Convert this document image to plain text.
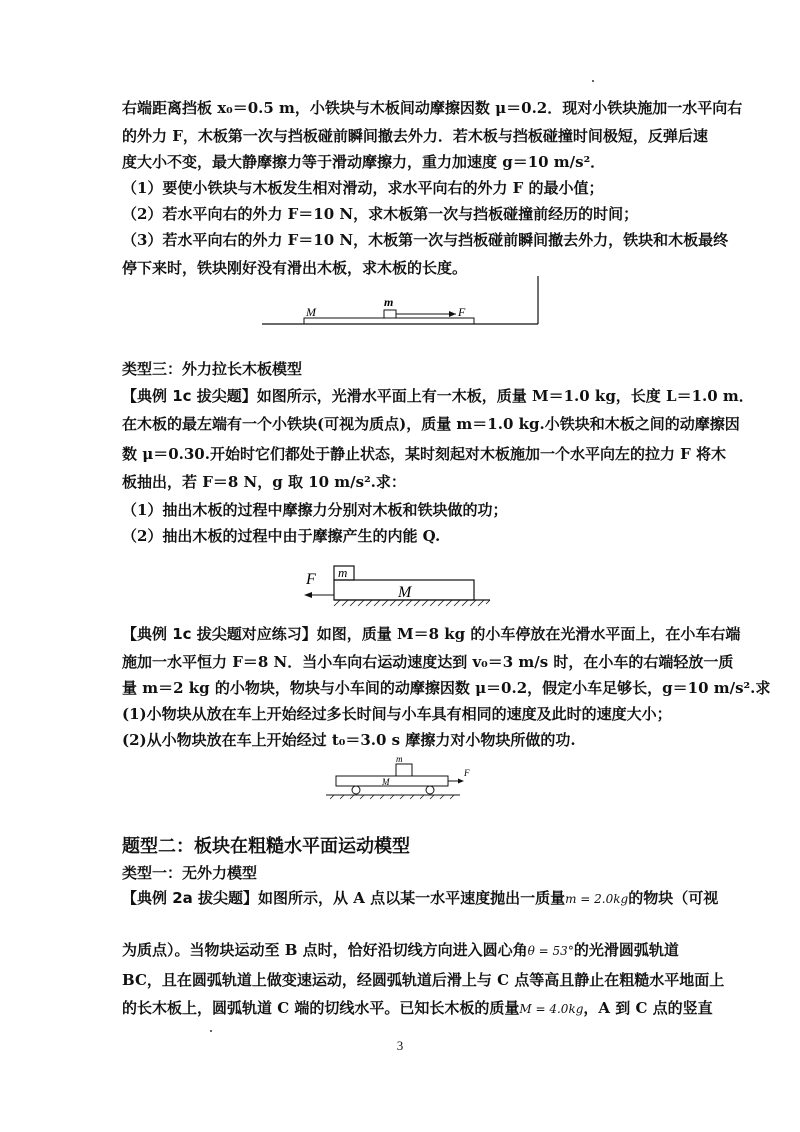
右端距离挡板 x₀＝0.5 m，小铁块与木板间动摩擦因数 μ＝0.2．现对小铁块施加一水平向右
的外力 F，木板第一次与挡板碰前瞬间撤去外力．若木板与挡板碰撞时间极短，反弹后速
度大小不变，最大静摩擦力等于滑动摩擦力，重力加速度 g＝10 m/s²．
（1）要使小铁块与木板发生相对滑动，求水平向右的外力 F 的最小值；
（2）若水平向右的外力 F＝10 N，求木板第一次与挡板碰撞前经历的时间；
（3）若水平向右的外力 F＝10 N，木板第一次与挡板碰前瞬间撤去外力，铁块和木板最终
停下来时，铁块刚好没有滑出木板，求木板的长度。
M
m
F
类型三：外力拉长木板模型
【典例 1c 拔尖题】如图所示，光滑水平面上有一木板，质量 M＝1.0 kg，长度 L＝1.0 m．
在木板的最左端有一个小铁块(可视为质点)，质量 m＝1.0 kg.小铁块和木板之间的动摩擦因
数 μ＝0.30.开始时它们都处于静止状态，某时刻起对木板施加一个水平向左的拉力 F 将木
板抽出，若 F＝8 N，g 取 10 m/s².求：
（1）抽出木板的过程中摩擦力分别对木板和铁块做的功；
（2）抽出木板的过程中由于摩擦产生的内能 Q.
F m
M
【典例 1c 拔尖题对应练习】如图，质量 M＝8 kg 的小车停放在光滑水平面上，在小车右端
施加一水平恒力 F＝8 N．当小车向右运动速度达到 v₀＝3 m/s 时，在小车的右端轻放一质
量 m＝2 kg 的小物块，物块与小车间的动摩擦因数 μ＝0.2，假定小车足够长，g＝10 m/s².求
(1)小物块从放在车上开始经过多长时间与小车具有相同的速度及此时的速度大小；
(2)从小物块放在车上开始经过 t₀＝3.0 s 摩擦力对小物块所做的功.
m
M
F
题型二：板块在粗糙水平面运动模型
类型一：无外力模型
【典例 2a 拔尖题】如图所示，从 A 点以某一水平速度抛出一质量m = 2.0kg的物块（可视
为质点）。当物块运动至 B 点时，恰好沿切线方向进入圆心角θ = 53°的光滑圆弧轨道
BC，且在圆弧轨道上做变速运动，经圆弧轨道后滑上与 C 点等高且静止在粗糙水平地面上
的长木板上，圆弧轨道 C 端的切线水平。已知长木板的质量M = 4.0kg，A 到 C 点的竖直
3
